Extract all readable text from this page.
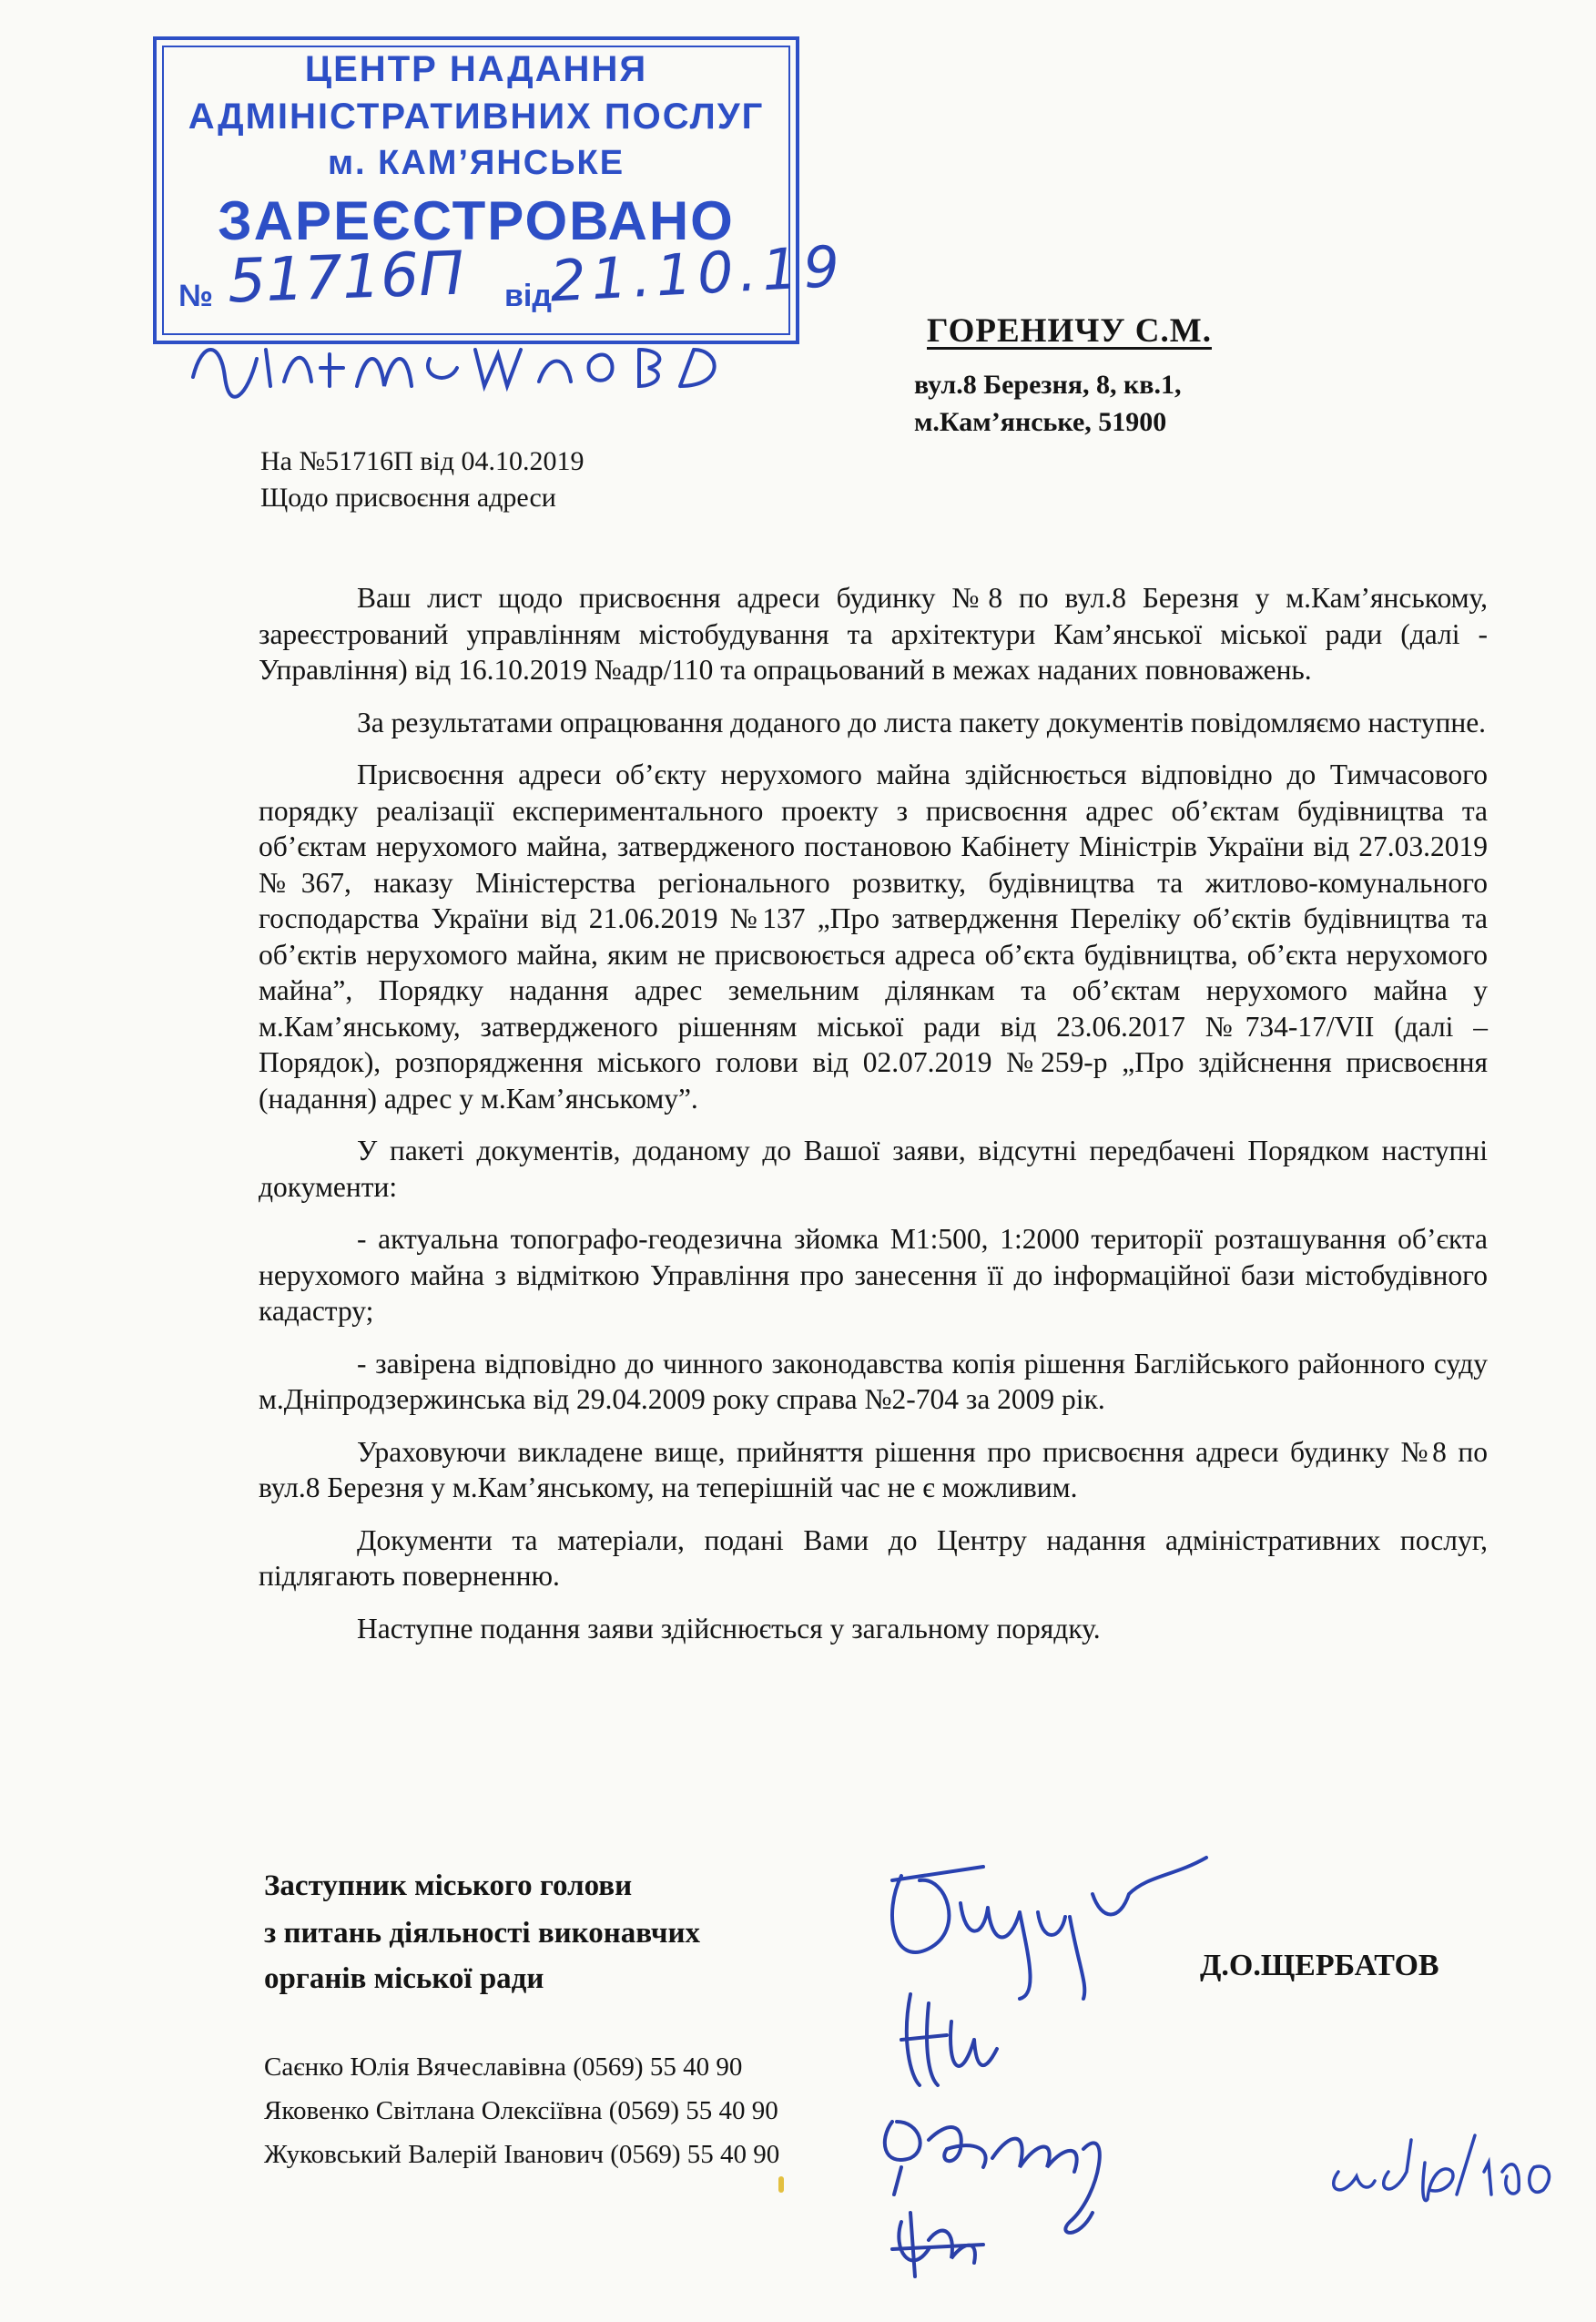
ЦЕНТР НАДАННЯ
АДМІНІСТРАТИВНИХ ПОСЛУГ
м. КАМ’ЯНСЬКЕ
ЗАРЕЄСТРОВАНО
№ 51716П від
21.10.19
ГОРЕНИЧУ С.М.
вул.8 Березня, 8, кв.1,
м.Кам’янське, 51900
На №51716П від 04.10.2019
Щодо присвоєння адреси

Ваш лист щодо присвоєння адреси будинку №8 по вул.8 Березня у м.Кам’янському, зареєстрований управлінням містобудування та архітектури Кам’янської міської ради (далі - Управління) від 16.10.2019 №адр/110 та опрацьований в межах наданих повноважень.

За результатами опрацювання доданого до листа пакету документів повідомляємо наступне.

Присвоєння адреси об’єкту нерухомого майна здійснюється відповідно до Тимчасового порядку реалізації експериментального проекту з присвоєння адрес об’єктам будівництва та об’єктам нерухомого майна, затвердженого постановою Кабінету Міністрів України від 27.03.2019 №367, наказу Міністерства регіонального розвитку, будівництва та житлово-комунального господарства України від 21.06.2019 №137 „Про затвердження Переліку об’єктів будівництва та об’єктів нерухомого майна, яким не присвоюється адреса об’єкта будівництва, об’єкта нерухомого майна”, Порядку надання адрес земельним ділянкам та об’єктам нерухомого майна у м.Кам’янському, затвердженого рішенням міської ради від 23.06.2017 №734-17/VII (далі – Порядок), розпорядження міського голови від 02.07.2019 №259-р „Про здійснення присвоєння (надання) адрес у м.Кам’янському”.

У пакеті документів, доданому до Вашої заяви, відсутні передбачені Порядком наступні документи:

- актуальна топографо-геодезична зйомка М1:500, 1:2000 території розташування об’єкта нерухомого майна з відміткою Управління про занесення її до інформаційної бази містобудівного кадастру;

- завірена відповідно до чинного законодавства копія рішення Баглійського районного суду м.Дніпродзержинська від 29.04.2009 року справа №2-704 за 2009 рік.

Ураховуючи викладене вище, прийняття рішення про присвоєння адреси будинку №8 по вул.8 Березня у м.Кам’янському, на теперішній час не є можливим.

Документи та матеріали, подані Вами до Центру надання адміністративних послуг, підлягають поверненню.

Наступне подання заяви здійснюється у загальному порядку.

Заступник міського голови
з питань діяльності виконавчих
органів міської ради	Д.О.ЩЕРБАТОВ
Саєнко Юлія Вячеславівна (0569) 55 40 90
Яковенко Світлана Олексіївна (0569) 55 40 90
Жуковський Валерій Іванович (0569) 55 40 90
